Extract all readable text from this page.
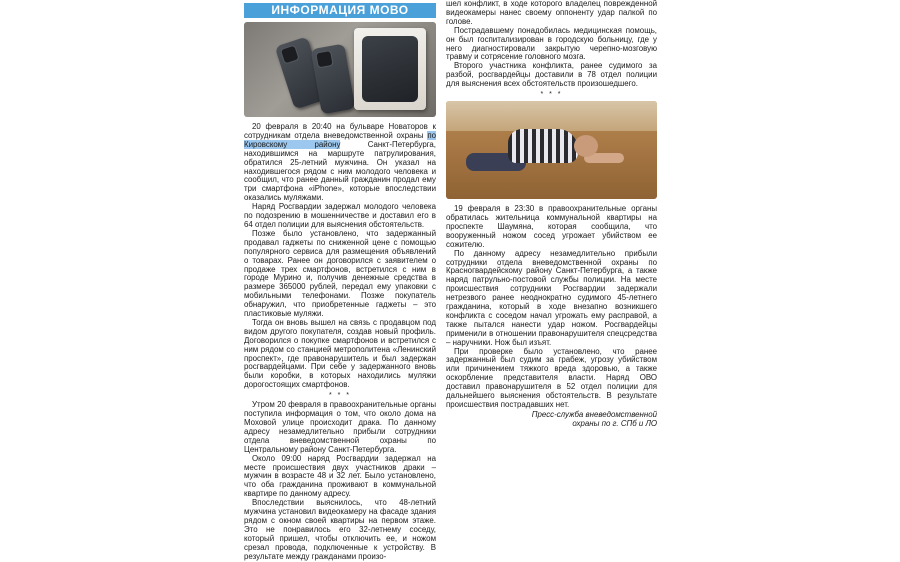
ИНФОРМАЦИЯ МОВО

20 февраля в 20:40 на бульваре Новаторов к сотрудникам отдела вневедомственной охраны по Кировскому району Санкт-Петербурга, находившимся на маршруте патрулирования, обратился 25-летний мужчина. Он указал на находившегося рядом с ним молодого человека и сообщил, что ранее данный гражданин продал ему три смартфона «iPhone», которые впоследствии оказались муляжами.

Наряд Росгвардии задержал молодого человека по подозрению в мошенничестве и доставил его в 64 отдел полиции для выяснения обстоятельств.

Позже было установлено, что задержанный продавал гаджеты по сниженной цене с помощью популярного сервиса для размещения объявлений о товарах. Ранее он договорился с заявителем о продаже трех смартфонов, встретился с ним в городе Мурино и, получив денежные средства в размере 365000 рублей, передал ему упаковки с мобильными телефонами. Позже покупатель обнаружил, что приобретенные гаджеты – это пластиковые муляжи.

Тогда он вновь вышел на связь с продавцом под видом другого покупателя, создав новый профиль. Договорился о покупке смартфонов и встретился с ним рядом со станцией метрополитена «Ленинский проспект», где правонарушитель и был задержан росгвардейцами. При себе у задержанного вновь были коробки, в которых находились муляжи дорогостоящих смартфонов.

* * *

Утром 20 февраля в правоохранительные органы поступила информация о том, что около дома на Моховой улице происходит драка. По данному адресу незамедлительно прибыли сотрудники отдела вневедомственной охраны по Центральному району Санкт-Петербурга.

Около 09:00 наряд Росгвардии задержал на месте происшествия двух участников драки – мужчин в возрасте 48 и 32 лет. Было установлено, что оба гражданина проживают в коммунальной квартире по данному адресу.

Впоследствии выяснилось, что 48-летний мужчина установил видеокамеру на фасаде здания рядом с окном своей квартиры на первом этаже. Это не понравилось его 32-летнему соседу, который пришел, чтобы отключить ее, и ножом срезал провода, подключенные к устройству. В результате между гражданами произо-

шел конфликт, в ходе которого владелец поврежденной видеокамеры нанес своему оппоненту удар палкой по голове.

Пострадавшему понадобилась медицинская помощь, он был госпитализирован в городскую больницу, где у него диагностировали закрытую черепно-мозговую травму и сотрясение головного мозга.

Второго участника конфликта, ранее судимого за разбой, росгвардейцы доставили в 78 отдел полиции для выяснения всех обстоятельств произошедшего.

* * *

19 февраля в 23:30 в правоохранительные органы обратилась жительница коммунальной квартиры на проспекте Шаумяна, которая сообщила, что вооруженный ножом сосед угрожает убийством ее сожителю.

По данному адресу незамедлительно прибыли сотрудники отдела вневедомственной охраны по Красногвардейскому району Санкт-Петербурга, а также наряд патрульно-постовой службы полиции. На месте происшествия сотрудники Росгвардии задержали нетрезвого ранее неоднократно судимого 45-летнего гражданина, который в ходе внезапно возникшего конфликта с соседом начал угрожать ему расправой, а также пытался нанести удар ножом. Росгвардейцы применили в отношении правонарушителя спецсредства – наручники. Нож был изъят.

При проверке было установлено, что ранее задержанный был судим за грабеж, угрозу убийством или причинением тяжкого вреда здоровью, а также оскорбление представителя власти. Наряд ОВО доставил правонарушителя в 52 отдел полиции для дальнейшего выяснения обстоятельств. В результате происшествия пострадавших нет.

Пресс-служба вневедомственной
охраны по г. СПб и ЛО
